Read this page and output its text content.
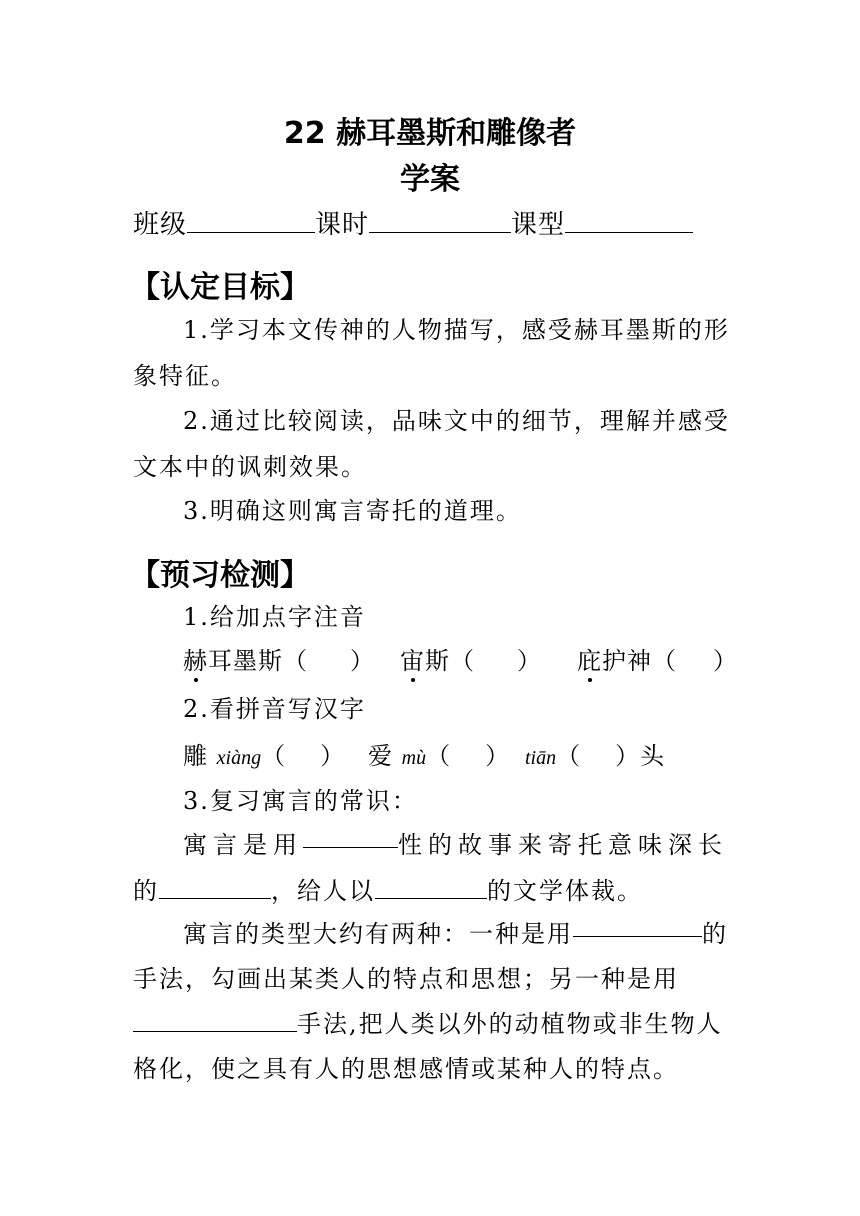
22 赫耳墨斯和雕像者
学案
班级	课时	课型
【认定目标】
1.学习本文传神的人物描写，感受赫耳墨斯的形
象特征。
2.通过比较阅读，品味文中的细节，理解并感受
文本中的讽刺效果。
3.明确这则寓言寄托的道理。
【预习检测】
1.给加点字注音
赫耳墨斯（ ） 宙斯（ ） 庇护神（ ）
2.看拼音写汉字
雕 xiàng（ ） 爱 mù（ ） tiān（ ）头
3.复习寓言的常识：
寓言是用	性的故事来寄托意味深长
的	，给人以	的文学体裁。
寓言的类型大约有两种：一种是用	的
手法，勾画出某类人的特点和思想；另一种是用
手法,把人类以外的动植物或非生物人
格化，使之具有人的思想感情或某种人的特点。
